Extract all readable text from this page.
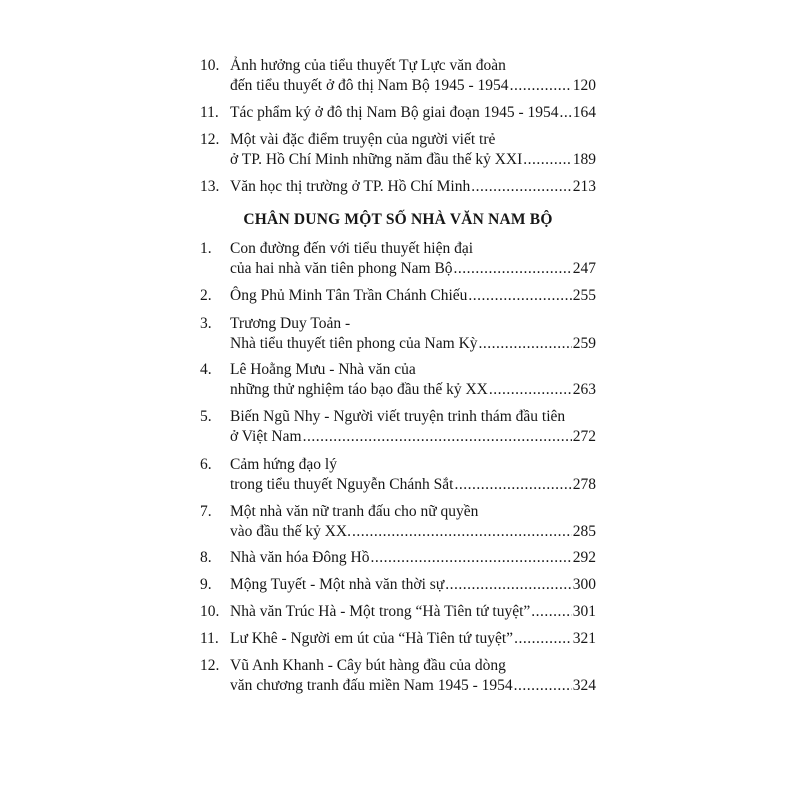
10. Ảnh hưởng của tiểu thuyết Tự Lực văn đoàn
đến tiểu thuyết ở đô thị Nam Bộ 1945 - 1954 .....	120
11. Tác phẩm ký ở đô thị Nam Bộ giai đoạn 1945 - 1954 ..... 164
12. Một vài đặc điểm truyện của người viết trẻ
ở TP. Hồ Chí Minh những năm đầu thế kỷ XXI .....	189
13. Văn học thị trường ở TP. Hồ Chí Minh .....	213
CHÂN DUNG MỘT SỐ NHÀ VĂN NAM BỘ
1.	Con đường đến với tiểu thuyết hiện đại
của hai nhà văn tiên phong Nam Bộ .....	247
2.	Ông Phủ Minh Tân Trần Chánh Chiếu .....	255
3.	Trương Duy Toản -
Nhà tiểu thuyết tiên phong của Nam Kỳ .....	259
4.	Lê Hoằng Mưu - Nhà văn của
những thử nghiệm táo bạo đầu thế kỷ XX .....	263
5.	Biến Ngũ Nhy - Người viết truyện trinh thám đầu tiên
ở Việt Nam .....	272
6.	Cảm hứng đạo lý
trong tiểu thuyết Nguyễn Chánh Sắt .....	278
7.	Một nhà văn nữ tranh đấu cho nữ quyền
vào đầu thế kỷ XX. .....	285
8.	Nhà văn hóa Đông Hồ .....	292
9.	Mộng Tuyết - Một nhà văn thời sự .....	300
10. Nhà văn Trúc Hà - Một trong “Hà Tiên tứ tuyệt” .....	301
11. Lư Khê - Người em út của “Hà Tiên tứ tuyệt” .....	321
12. Vũ Anh Khanh - Cây bút hàng đầu của dòng
văn chương tranh đấu miền Nam 1945 - 1954 .....	324
